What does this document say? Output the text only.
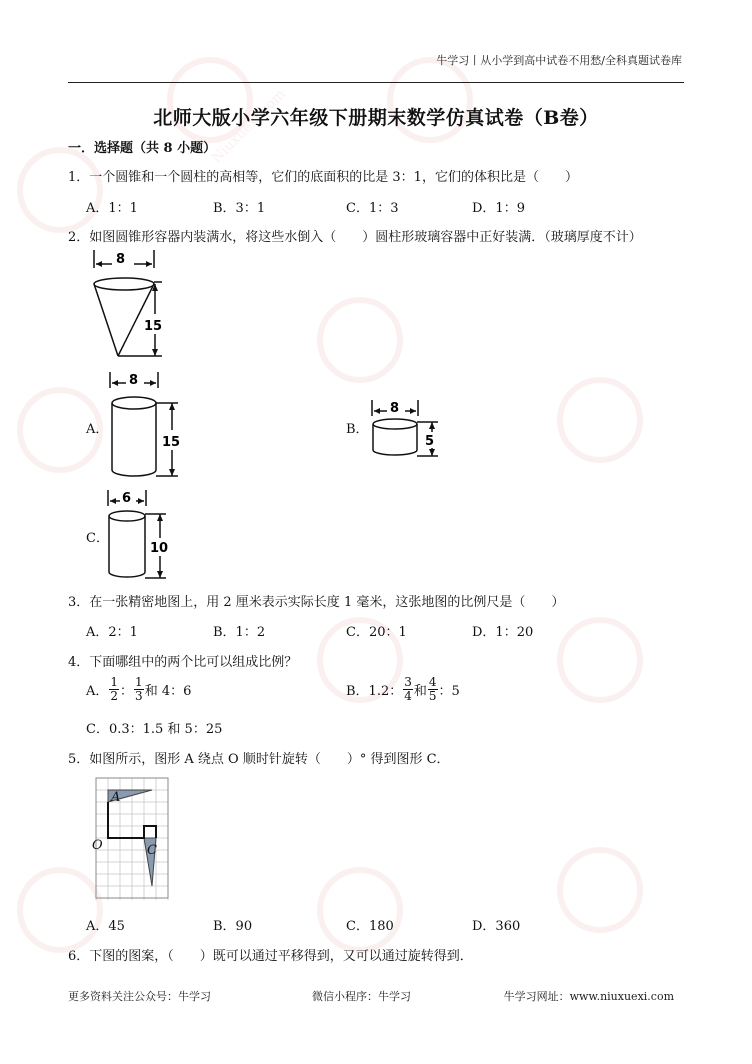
Niuxuexi.com
牛学习丨从小学到高中试卷不用愁/全科真题试卷库
北师大版小学六年级下册期末数学仿真试卷（B卷）
一．选择题（共 8 小题）
1．一个圆锥和一个圆柱的高相等，它们的底面积的比是 3：1，它们的体积比是（　　）
A．1：1	B．3：1	C．1：3	D．1：9
2．如图圆锥形容器内装满水，将这些水倒入（　　）圆柱形玻璃容器中正好装满．（玻璃厚度不计）
8
15
A．
8
15
B．
8
5
C．
6
10
3．在一张精密地图上，用 2 厘米表示实际长度 1 毫米，这张地图的比例尺是（　　）
A．2：1	B．1：2	C．20：1	D．1：20
4．下面哪组中的两个比可以组成比例？
A． $\frac{1}{2}$ ： $\frac{1}{3}$ 和 4：6	B．1.2： $\frac{3}{4}$ 和 $\frac{4}{5}$ ：5
C．0.3：1.5 和 5：25
5．如图所示，图形 A 绕点 O 顺时针旋转（　　）° 得到图形 C．
A
O	C
A．45	B．90	C．180	D．360
6．下图的图案，（　　）既可以通过平移得到，又可以通过旋转得到．
更多资料关注公众号：牛学习	微信小程序：牛学习	牛学习网址：www.niuxuexi.com
